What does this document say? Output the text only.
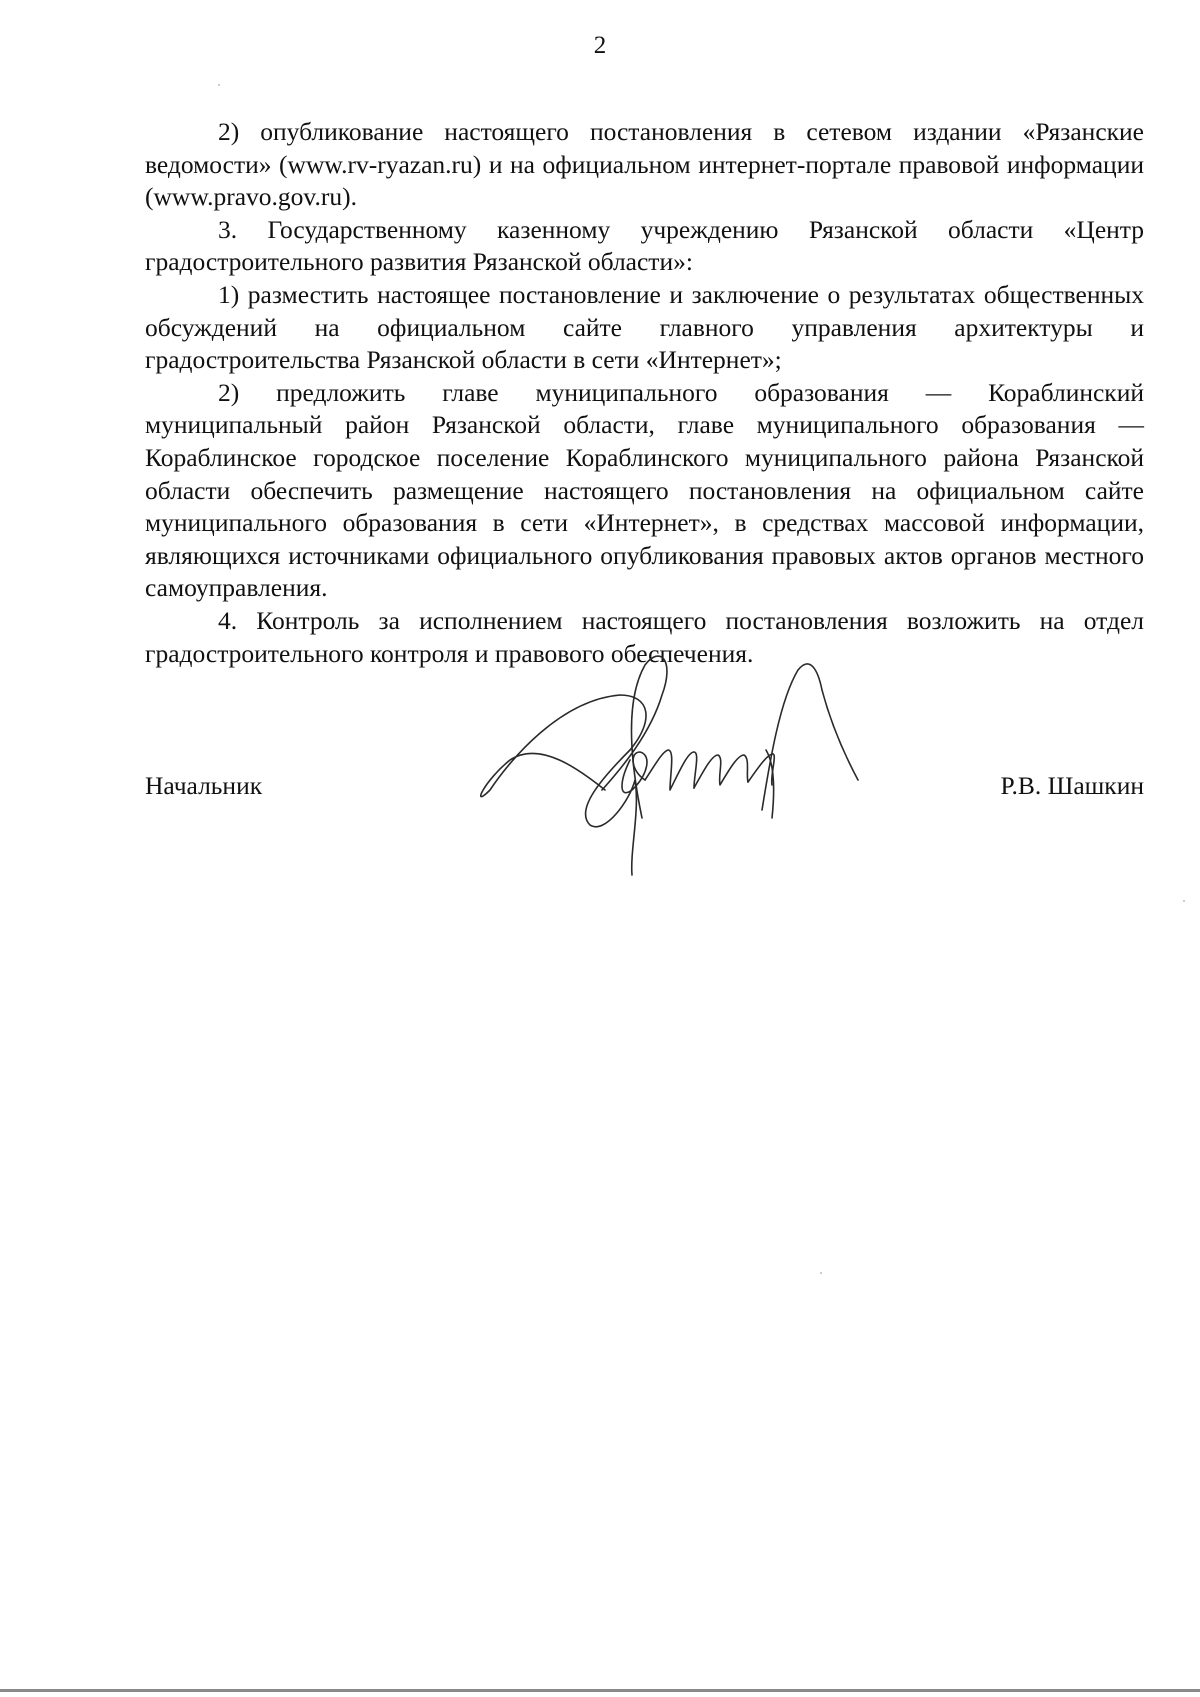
2

2) опубликование настоящего постановления в сетевом издании «Рязанские ведомости» (www.rv-ryazan.ru) и на официальном интернет-портале правовой информации (www.pravo.gov.ru).

3. Государственному казенному учреждению Рязанской области «Центр градостроительного развития Рязанской области»:

1) разместить настоящее постановление и заключение о результатах общественных обсуждений на официальном сайте главного управления архитектуры и градостроительства Рязанской области в сети «Интернет»;

2) предложить главе муниципального образования — Кораблинский муниципальный район Рязанской области, главе муниципального образования — Кораблинское городское поселение Кораблинского муниципального района Рязанской области обеспечить размещение настоящего постановления на официальном сайте муниципального образования в сети «Интернет», в средствах массовой информации, являющихся источниками официального опубликования правовых актов органов местного самоуправления.

4. Контроль за исполнением настоящего постановления возложить на отдел градостроительного контроля и правового обеспечения.

Начальник	Р.В. Шашкин
